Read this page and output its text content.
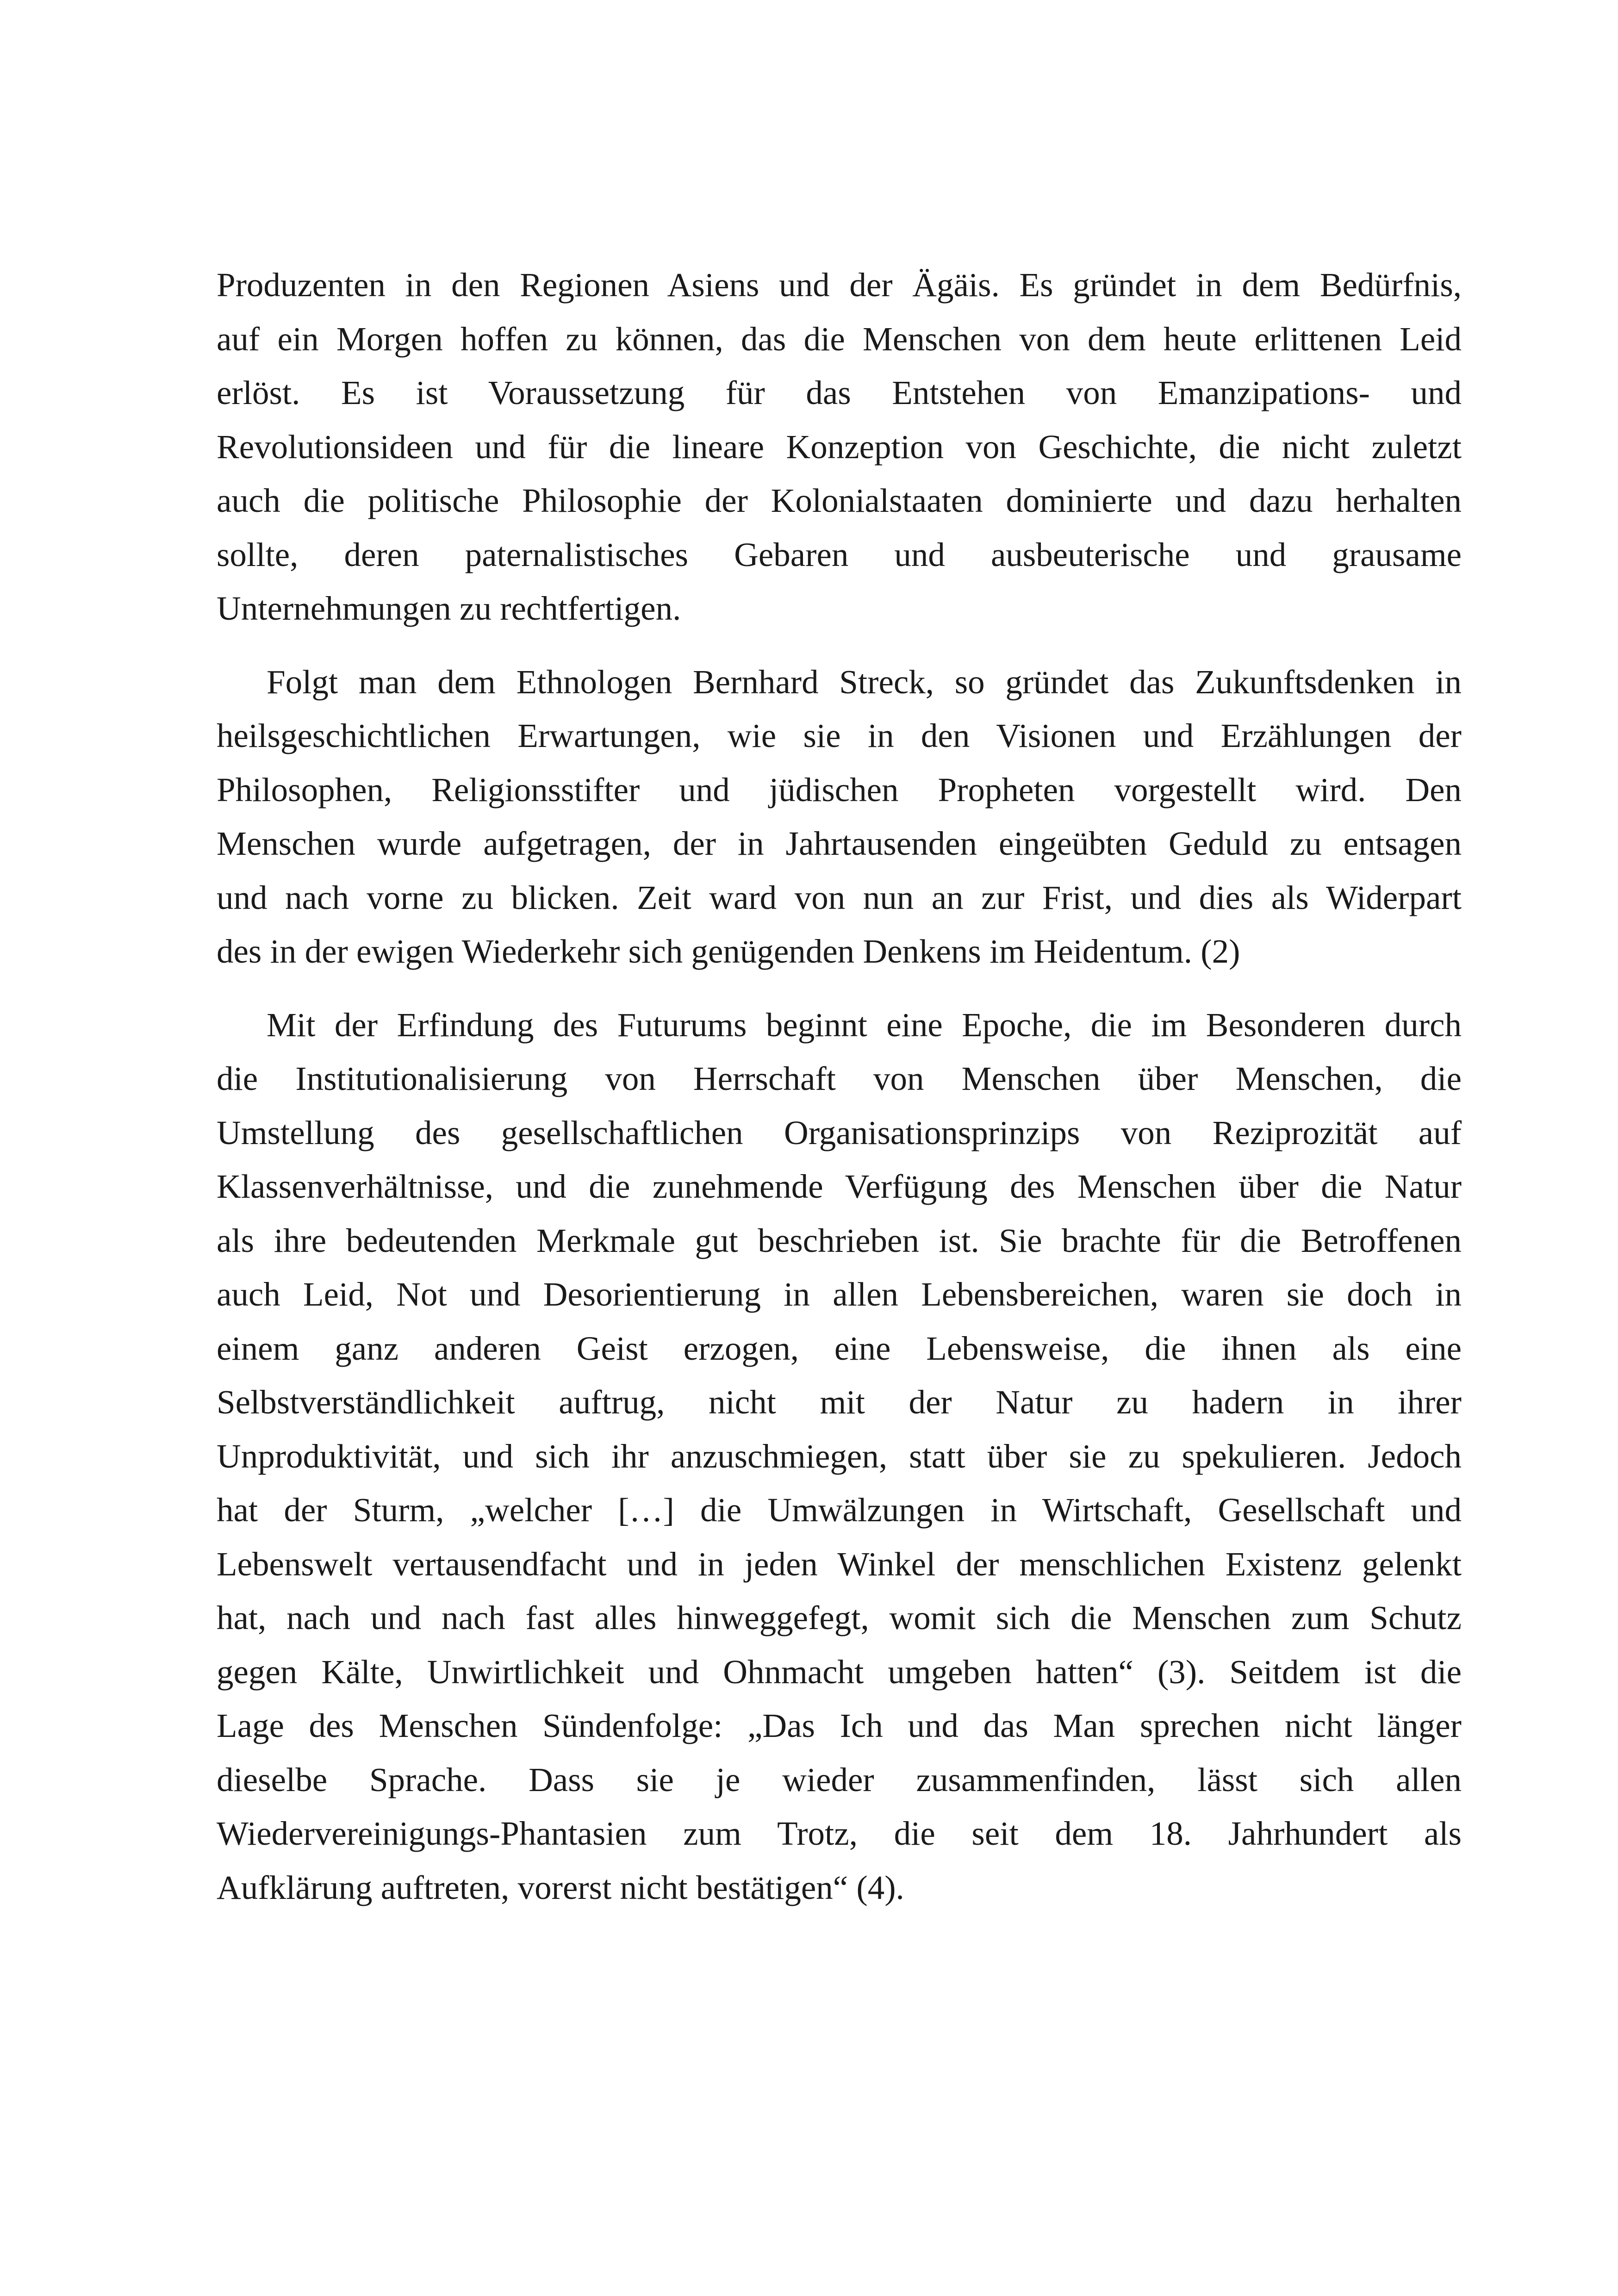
Produzenten in den Regionen Asiens und der Ägäis. Es gründet in dem Bedürfnis,
auf ein Morgen hoffen zu können, das die Menschen von dem heute erlittenen Leid
erlöst. Es ist Voraussetzung für das Entstehen von Emanzipations- und
Revolutionsideen und für die lineare Konzeption von Geschichte, die nicht zuletzt
auch die politische Philosophie der Kolonialstaaten dominierte und dazu herhalten
sollte, deren paternalistisches Gebaren und ausbeuterische und grausame
Unternehmungen zu rechtfertigen.

Folgt man dem Ethnologen Bernhard Streck, so gründet das Zukunftsdenken in
heilsgeschichtlichen Erwartungen, wie sie in den Visionen und Erzählungen der
Philosophen, Religionsstifter und jüdischen Propheten vorgestellt wird. Den
Menschen wurde aufgetragen, der in Jahrtausenden eingeübten Geduld zu entsagen
und nach vorne zu blicken. Zeit ward von nun an zur Frist, und dies als Widerpart
des in der ewigen Wiederkehr sich genügenden Denkens im Heidentum. (2)

Mit der Erfindung des Futurums beginnt eine Epoche, die im Besonderen durch
die Institutionalisierung von Herrschaft von Menschen über Menschen, die
Umstellung des gesellschaftlichen Organisationsprinzips von Reziprozität auf
Klassenverhältnisse, und die zunehmende Verfügung des Menschen über die Natur
als ihre bedeutenden Merkmale gut beschrieben ist. Sie brachte für die Betroffenen
auch Leid, Not und Desorientierung in allen Lebensbereichen, waren sie doch in
einem ganz anderen Geist erzogen, eine Lebensweise, die ihnen als eine
Selbstverständlichkeit auftrug, nicht mit der Natur zu hadern in ihrer
Unproduktivität, und sich ihr anzuschmiegen, statt über sie zu spekulieren. Jedoch
hat der Sturm, „welcher […] die Umwälzungen in Wirtschaft, Gesellschaft und
Lebenswelt vertausendfacht und in jeden Winkel der menschlichen Existenz gelenkt
hat, nach und nach fast alles hinweggefegt, womit sich die Menschen zum Schutz
gegen Kälte, Unwirtlichkeit und Ohnmacht umgeben hatten“ (3). Seitdem ist die
Lage des Menschen Sündenfolge: „Das Ich und das Man sprechen nicht länger
dieselbe Sprache. Dass sie je wieder zusammenfinden, lässt sich allen
Wiedervereinigungs-Phantasien zum Trotz, die seit dem 18. Jahrhundert als
Aufklärung auftreten, vorerst nicht bestätigen“ (4).
